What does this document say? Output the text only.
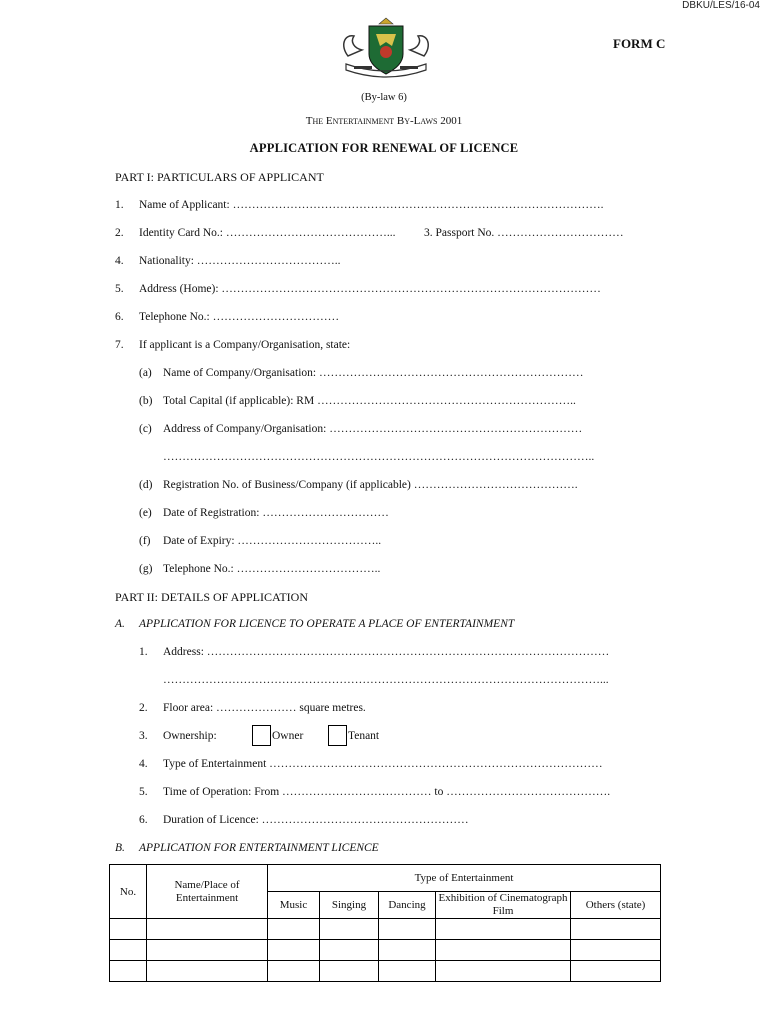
DBKU/LES/16-04
FORM C
(By-law 6)
The Entertainment By-Laws 2001
APPLICATION FOR RENEWAL OF LICENCE
PART I: PARTICULARS OF APPLICANT
1. Name of Applicant: …………………………………………………………………………………….
2. Identity Card No.: ……………………………………... 3. Passport No. ……………………………
4. Nationality: ………………………………..
5. Address (Home): ………………………………………………………………………………………
6. Telephone No.: ……………………………
7. If applicant is a Company/Organisation, state:
(a) Name of Company/Organisation: ……………………………………………………………
(b) Total Capital (if applicable): RM …………………………………………………………..
(c) Address of Company/Organisation: …………………………………………………………
…………………………………………………………………………………………………..
(d) Registration No. of Business/Company (if applicable) …………………………………….
(e) Date of Registration: ……………………………
(f) Date of Expiry: ………………………………..
(g) Telephone No.: ………………………………..
PART II: DETAILS OF APPLICATION
A. APPLICATION FOR LICENCE TO OPERATE A PLACE OF ENTERTAINMENT
1. Address: ……………………………………………………………………………………………
……………………………………………………………………………………………………...
2. Floor area: ………………… square metres.
3. Ownership:	Owner	Tenant
4. Type of Entertainment ……………………………………………………………………………
5. Time of Operation: From ………………………………… to …………………………………….
6. Duration of Licence: ………………………………………………
B. APPLICATION FOR ENTERTAINMENT LICENCE
No.	Name/Place of Entertainment	Type of Entertainment				
		Music	Singing	Dancing	Exhibition of Cinematograph Film	Others (state)
